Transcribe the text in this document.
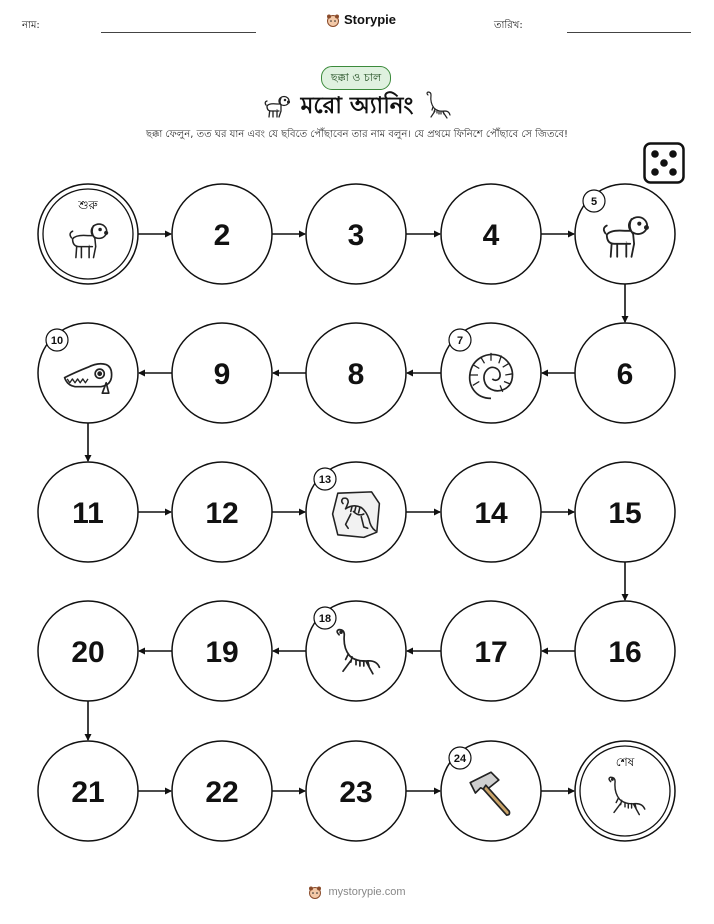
নাম:	Storypie	তারিখ:
ছক্কা ও চাল
মরো অ্যানিং
ছক্কা ফেলুন, তত ঘর যান এবং যে ছবিতে পৌঁছাবেন তার নাম বলুন। যে প্রথমে ফিনিশে পৌঁছাবে সে জিতবে!
শুরু
2	3	4
5
6
7
8
9
10
11	12
13
14	15
16
17
18
19
20
21	22	23
24	শেষ
mystorypie.com
